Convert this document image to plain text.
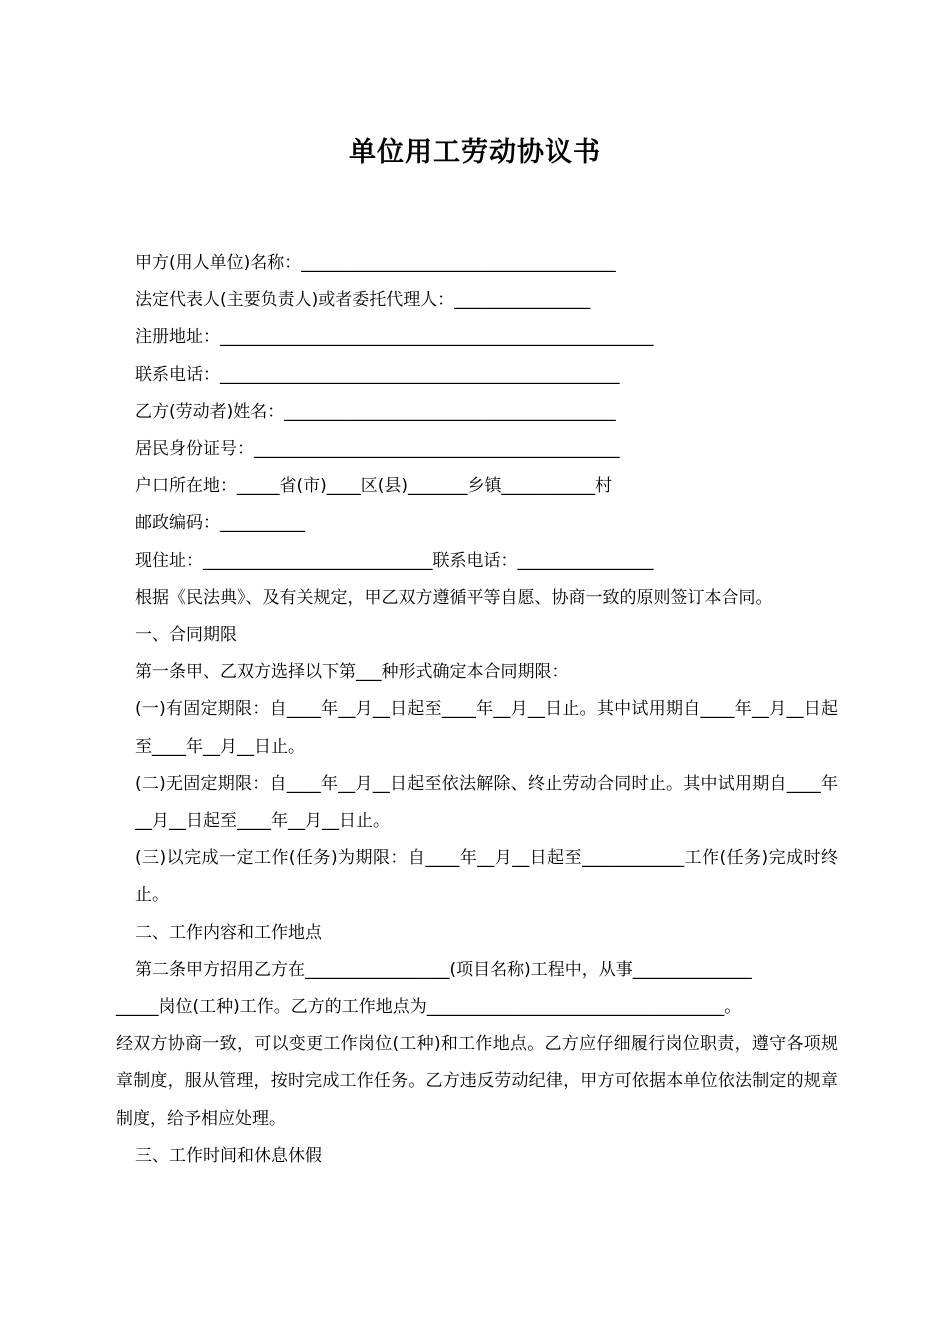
单位用工劳动协议书
甲方(用人单位)名称：_____________________________________
法定代表人(主要负责人)或者委托代理人：________________
注册地址：___________________________________________________
联系电话：_______________________________________________
乙方(劳动者)姓名：_______________________________________
居民身份证号：___________________________________________
户口所在地：_____省(市)____区(县)_______乡镇___________村
邮政编码：__________
现住址：___________________________联系电话：________________
根据《民法典》、及有关规定，甲乙双方遵循平等自愿、协商一致的原则签订本合同。
一、合同期限
第一条甲、乙双方选择以下第___种形式确定本合同期限：
(一)有固定期限：自____年__月__日起至____年__月__日止。其中试用期自____年__月__日起至____年__月__日止。
(二)无固定期限：自____年__月__日起至依法解除、终止劳动合同时止。其中试用期自____年__月__日起至____年__月__日止。
(三)以完成一定工作(任务)为期限：自____年__月__日起至____________工作(任务)完成时终止。
二、工作内容和工作地点
第二条甲方招用乙方在_________________(项目名称)工程中，从事______________
_____岗位(工种)工作。乙方的工作地点为___________________________________。
经双方协商一致，可以变更工作岗位(工种)和工作地点。乙方应仔细履行岗位职责，遵守各项规章制度，服从管理，按时完成工作任务。乙方违反劳动纪律，甲方可依据本单位依法制定的规章制度，给予相应处理。
三、工作时间和休息休假
